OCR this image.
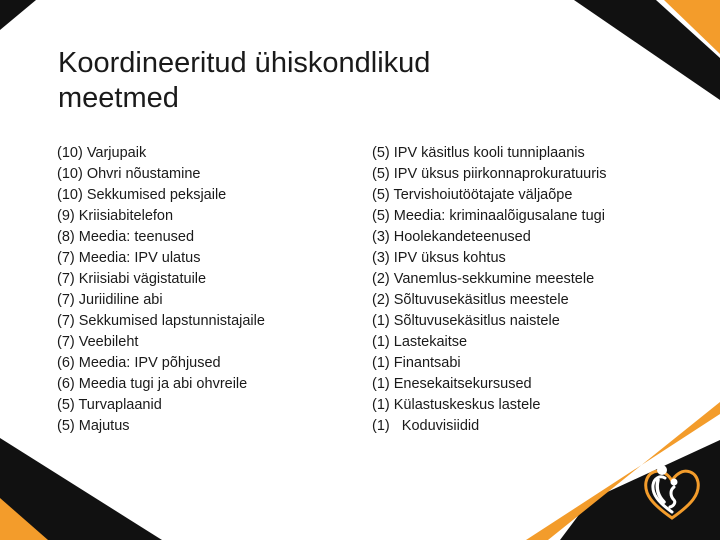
Koordineeritud ühiskondlikud meetmed
(10) Varjupaik
(10) Ohvri nõustamine
(10) Sekkumised peksjaile
(9) Kriisiabitelefon
(8) Meedia: teenused
(7) Meedia: IPV ulatus
(7) Kriisiabi vägistatuile
(7) Juriidiline abi
(7) Sekkumised lapstunnistajaile
(7) Veebileht
(6) Meedia: IPV põhjused
(6) Meedia tugi ja abi ohvreile
(5) Turvaplaanid
(5) Majutus
(5) IPV käsitlus kooli tunniplaanis
(5) IPV üksus piirkonnaprokuratuuris
(5) Tervishoiutöötajate väljaõpe
(5) Meedia: kriminaalõigusalane tugi
(3) Hoolekandeteenused
(3) IPV üksus kohtus
(2) Vanemlus-sekkumine meestele
(2) Sõltuvusekäsitlus meestele
(1) Sõltuvusekäsitlus naistele
(1) Lastekaitse
(1) Finantsabi
(1) Enesekaitsekursused
(1) Külastuskeskus lastele
(1)   Koduvisiidid
